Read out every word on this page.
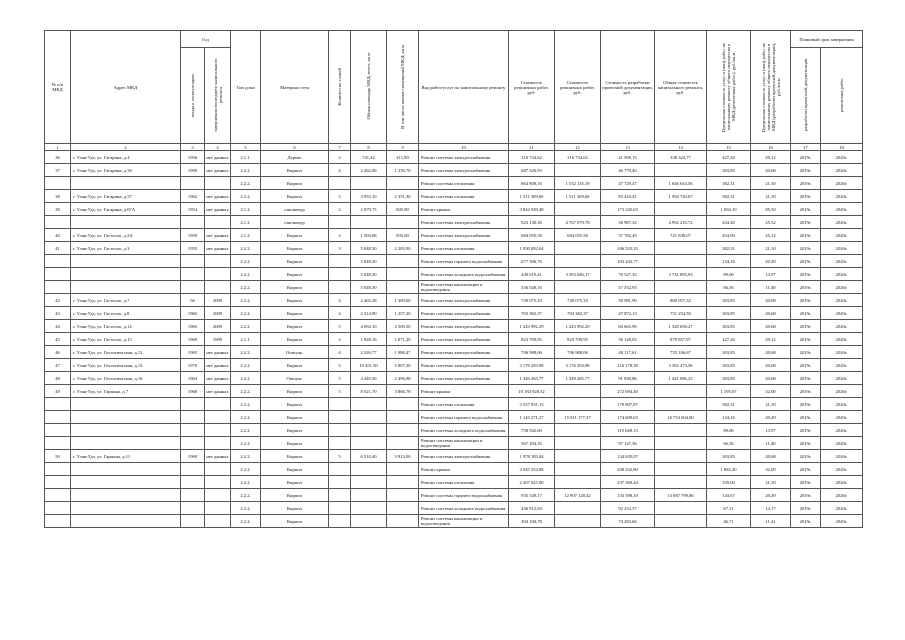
№ п/п МКД	Адрес МКД	Год		Тип дома	Материал стен	Количество этажей	Общая площадь МКД, всего, кв.м	В том числе жилых помещений МКД, кв.м	Вид работ/услуг по капитальному ремонту	Стоимость ремонтных работ, руб.	Стоимость ремонтных работ, руб.	Стоимость разработки проектной документации, руб.	Общая стоимость капитального ремонта, руб.	Предельная стоимость услуг и (или) работ по капитальному ремонту общего имущества в МКД (ремонтных работ), руб./кв.м	Предельная стоимость услуг и (или) работ по капитальному ремонту общего имущества в МКД (разработки проектной документации), руб./кв.м	Плановый срок завершения	
		ввода в эксплуатацию	завершения последнего капитального ремонта													разработки проектной документации	ремонтных работ
1	2	3	4	5	6	7	8	9	10	11	12	13	14	15	16	17	18
36	г. Улан-Удэ, ул. Гагарина, д.4	1956	нет данных	2.1.1.	Дерево	2	741,42	411,90	Ремонт системы электроснабжения	316 734,62	316 734,62	21 590,15	338 324,77	427,20	29,12	2019г.	2020г.
37	г. Улан-Удэ, ул. Гагарина, д.50	1990	нет данных	2.2.2.	Кирпич	4	2 262,06	1 250,70	Ремонт системы электроснабжения	687 326,93		46 779,40		303,85	20,68	2019г.	2020г.
				2.2.2.	Кирпич				Ремонт системы отопления	864 808,16	1 552 135,19	47 729,47	1 646 643,56	382,31	21,10	2019г.	2020г.
38	г. Улан-Удэ, ул. Гагарина, д.57	1962	нет данных	2.2.2.	Кирпич	3	3 953,10	2 351,30	Ремонт системы отопления	1 511 309,66	1 511 309,66	83 410,41	1 594 720,07	382,31	21,10	2019г.	2020г.
39	г. Улан-Удэ, ул. Гагарина, д.67А	1954	нет данных	2.1.2.	опилкачур	2	2 079,75	845,80	Ремонт крыши	3 844 949,48		173 245,63		1 694,10	85,50	2019г.	2020г.
				2.1.2.	опилкачур				Ремонт системы электроснабжения	923 130,30	4 767 079,78	50 987,32	4 992 210,72	434,40	25,32	2019г.	2020г.
40	г. Улан-Удэ, ул. Гастелло, д.2А	1959	нет данных	2.1.2.	Кирпич	2	1 504,08	835,60	Ремонт системы электроснабжения	684 055,58	684 055,58	37 782,49	721 838,07	454,90	25,12	2019г.	2020г.
41	г. Улан-Удэ, ул. Гастелло, д.3	1955	нет данных	2.2.2.	Кирпич	3	5 048,50	2 283,90	Ремонт системы отопления	1 930 092,04		106 523,35		382,31	21,10	2019г.	2020г.
				2.2.2.	Кирпич		5 048,50		Ремонт системы горячего водоснабжения	677 306,76		103 443,77		134,16	20,49	2019г.	2020г.
				2.2.2.	Кирпич		5 048,50		Ремонт системы холодного водоснабжения	449 619,41	3 393 046,17	70 527,35	3 731 093,93	89,06	13,97	2019г.	2020г.
				2.2.2.	Кирпич		5 048,50		Ремонт системы канализации и водоотведения	336 028,16		57 552,93		66,56	11,40	2019г.	2020г.
42	г. Улан-Удэ, ул. Гастелло, д.7	56	2009	2.2.2.	Кирпич	4	2 465,28	1 369,60	Ремонт системы электроснабжения	749 075,33	749 075,33	50 981,99	800 057,32	303,85	20,68	2019г.	2020г.
43	г. Улан-Удэ, ул. Гастелло, д.8	1965	2009	2.2.2.	Кирпич	4	2 314,90	1 257,20	Ремонт системы электроснабжения	703 382,37	703 382,37	47 872,13	751 254,50	303,85	20,68	2019г.	2020г.
44	г. Улан-Удэ, ул. Гастелло, д.12	1965	2009	2.2.2.	Кирпич	5	4 094,10	2 500,30	Ремонт системы электроснабжения	1 243 992,29	1 243 992,29	84 665,99	1 328 658,27	303,85	20,68	2019г.	2020г.
45	г. Улан-Удэ, ул. Гастелло, д.15	1969	1999	2.1.1.	Кирпич	2	1 928,16	1 071,20	Ремонт системы электроснабжения	823 709,95	823 709,95	56 148,02	879 857,97	427,20	29,12	2019г.	2020г.
46	г. Улан-Удэ, ул. Геологическая, д.12	1965	нет данных	2.2.2.	Ошпуак.	4	2 326,77	1 986,47	Ремонт системы электроснабжения	706 988,06	706 988,06	48 117,61	755 106,67	303,85	20,68	2019г.	2020г.
47	г. Улан-Удэ, ул. Геологическая, д.13	1970	нет данных	2.2.2.	Кирпич	5	10 451,50	5 807,30	Ремонт системы электроснабжения	3 176 293,98	3 176 293,98	216 178,38	3 392 474,36	303,85	20,68	2019г.	2020г.
48	г. Улан-Удэ, ул. Геологическая, д.16	1964	нет данных	2.2.2.	Ошпуат.	5	4 440,56	2 496,98	Ремонт системы электроснабжения	1 349 265,77	1 349 265,77	91 830,86	1 441 096,23	303,85	20,68	2019г.	2020г.
49	г. Улан-Удэ, ул. Гармана, д.7	1968	нет данных	2.2.2.	Кирпич	5	8 521,70	3 866,78	Ремонт крыши	10 184 928,32		272 694,40		1 195,07	32,00	2019г.	2020г.
				2.2.2.	Кирпич				Ремонт системы отопления	3 257 931,13		179 807,87		382,31	21,10	2019г.	2020г.
				2.2.2.	Кирпич				Ремонт системы горячего водоснабжения	1 143 271,27	15 911 177,37	174 609,63	16 754 604,80	134,16	20,49	2019г.	2020г.
				2.2.2.	Кирпич				Ремонт системы холодного водоснабжения	758 942,60		119 048,13		89,06	13,97	2019г.	2020г.
				2.2.2.	Кирпич				Ремонт системы канализации и водоотведения	567 204,35		97 147,36		66,56	11,40	2019г.	2020г.
50	г. Улан-Удэ, ул. Гармана, д.11	1969	нет данных	2.2.2.	Кирпич	5	6 510,40	3 913,00	Ремонт системы электроснабжения	1 978 185,04		134 635,07		303,85	20,68	2019г.	2020г.
				2.2.2.	Кирпич				Ремонт крыши	3 045 554,88		208 332,80		1 082,20	32,00	2019г.	2020г.
				2.2.2.	Кирпич				Ремонт системы отопления	2 207 025,00		137 369,44		339,00	21,10	2019г.	2020г.
				2.2.2.	Кирпич				Ремонт системы горячего водоснабжения	935 349,17	12 907 128,42	133 398,10	13 687 799,86	143,67	20,49	2019г.	2020г.
				2.2.2.	Кирпич				Ремонт системы холодного водоснабжения	436 912,94		92 252,37		67,11	14,17	2019г.	2020г.
				2.2.2.	Кирпич				Ремонт системы канализации и водоотведения	304 100,78		74 283,66		46,71	11,41	2019г.	2020г.
